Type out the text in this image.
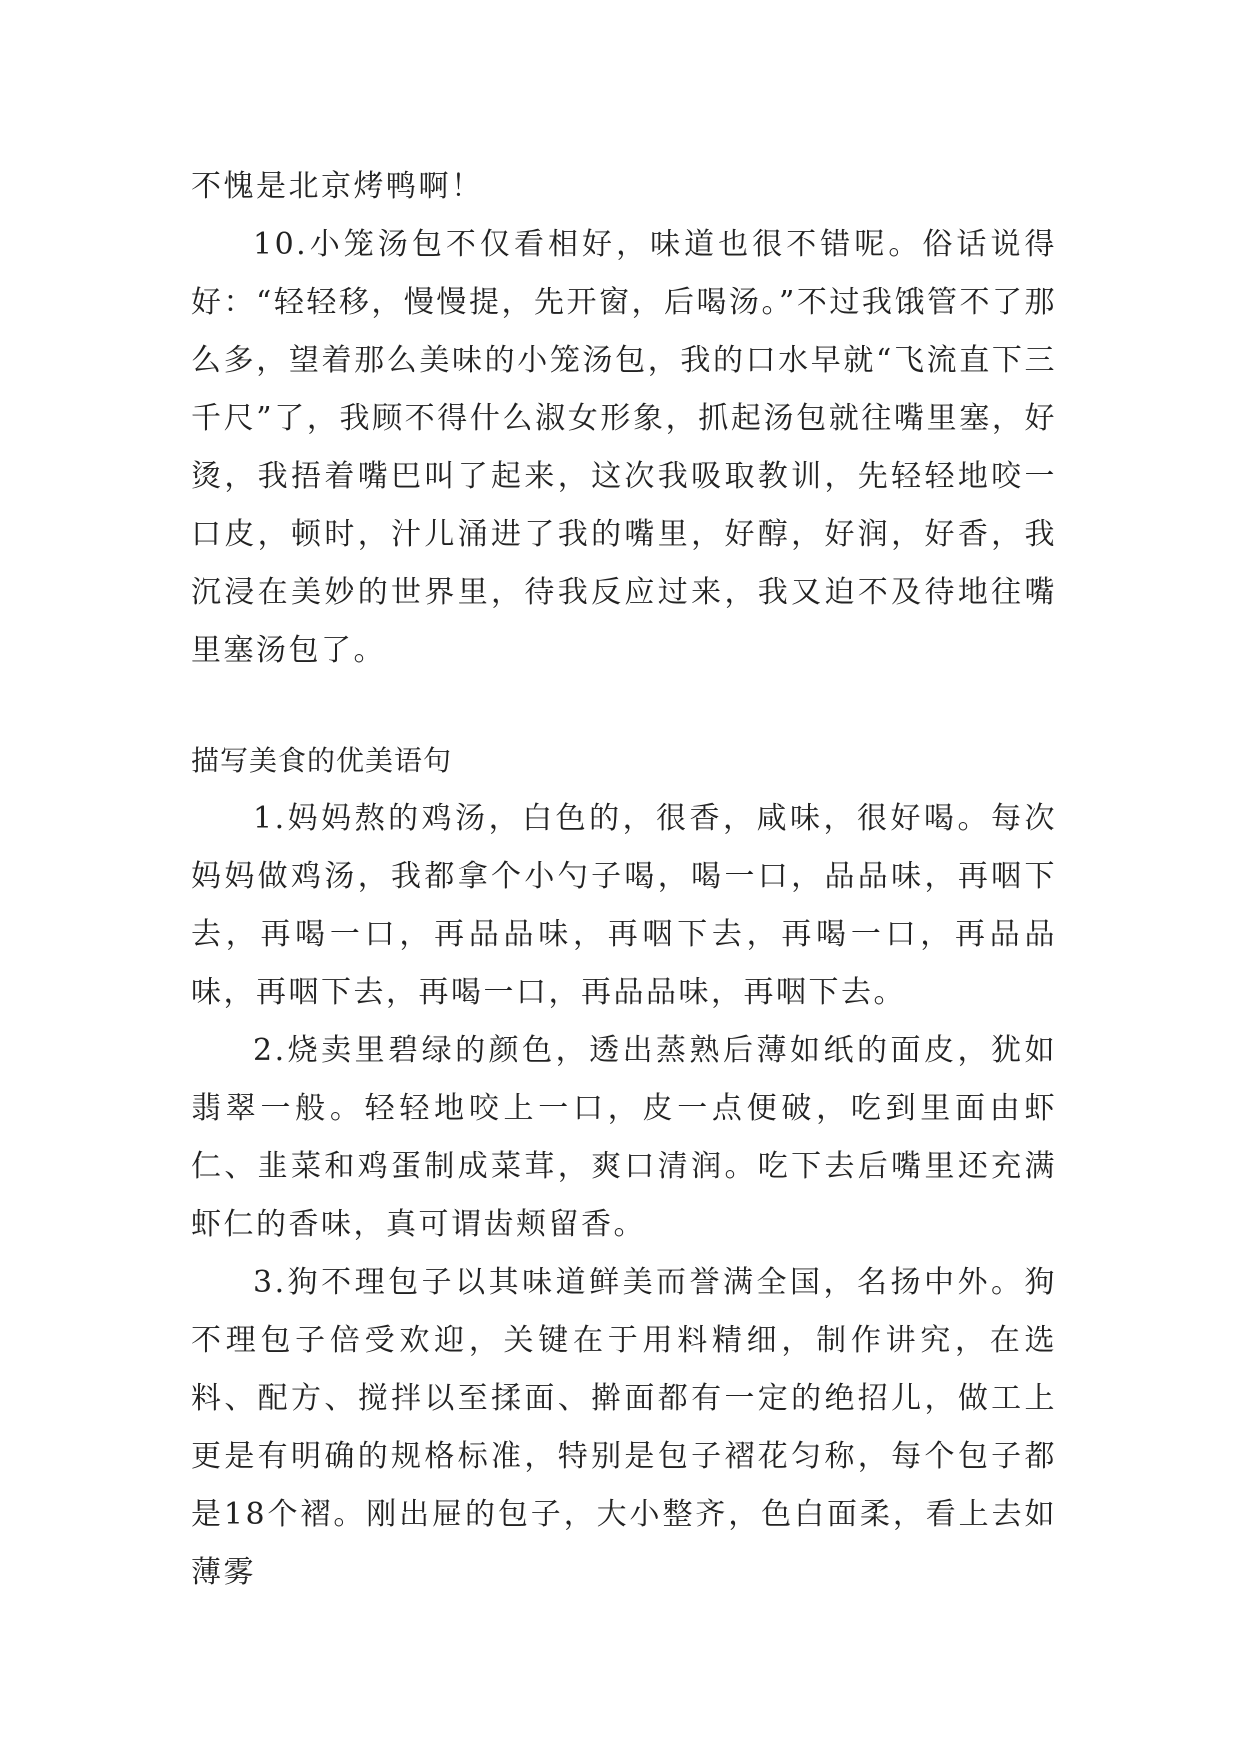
不愧是北京烤鸭啊！

10.小笼汤包不仅看相好，味道也很不错呢。俗话说得好：“轻轻移，慢慢提，先开窗，后喝汤。”不过我饿管不了那么多，望着那么美味的小笼汤包，我的口水早就“飞流直下三千尺”了，我顾不得什么淑女形象，抓起汤包就往嘴里塞，好烫，我捂着嘴巴叫了起来，这次我吸取教训，先轻轻地咬一口皮，顿时，汁儿涌进了我的嘴里，好醇，好润，好香，我沉浸在美妙的世界里，待我反应过来，我又迫不及待地往嘴里塞汤包了。

描写美食的优美语句

1.妈妈熬的鸡汤，白色的，很香，咸味，很好喝。每次妈妈做鸡汤，我都拿个小勺子喝，喝一口，品品味，再咽下去，再喝一口，再品品味，再咽下去，再喝一口，再品品味，再咽下去，再喝一口，再品品味，再咽下去。

2.烧卖里碧绿的颜色，透出蒸熟后薄如纸的面皮，犹如翡翠一般。轻轻地咬上一口，皮一点便破，吃到里面由虾仁、韭菜和鸡蛋制成菜茸，爽口清润。吃下去后嘴里还充满虾仁的香味，真可谓齿颊留香。

3.狗不理包子以其味道鲜美而誉满全国，名扬中外。狗不理包子倍受欢迎，关键在于用料精细，制作讲究，在选料、配方、搅拌以至揉面、擀面都有一定的绝招儿，做工上更是有明确的规格标准，特别是包子褶花匀称，每个包子都是18个褶。刚出屉的包子，大小整齐，色白面柔，看上去如薄雾
